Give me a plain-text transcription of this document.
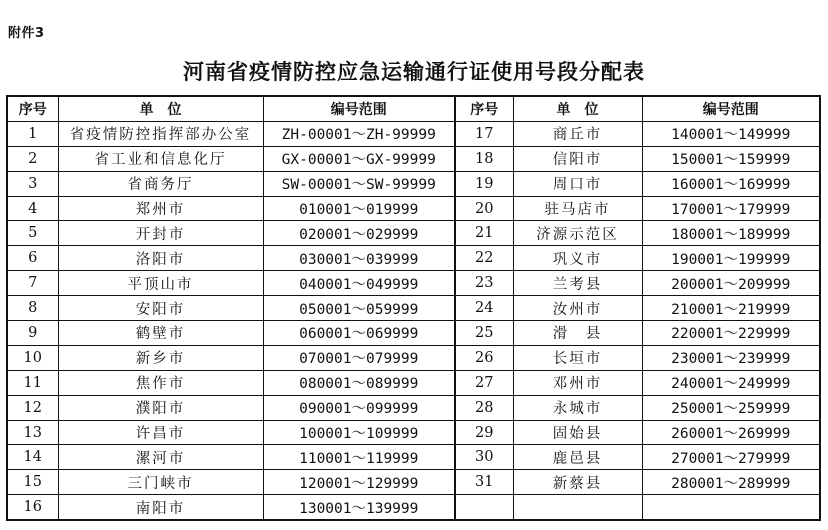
附件3
河南省疫情防控应急运输通行证使用号段分配表
序号	单　位	编号范围	序号	单　位	编号范围
1	省疫情防控指挥部办公室	ZH-00001～ZH-99999	17	商丘市	140001～149999
2	省工业和信息化厅	GX-00001～GX-99999	18	信阳市	150001～159999
3	省商务厅	SW-00001～SW-99999	19	周口市	160001～169999
4	郑州市	010001～019999	20	驻马店市	170001～179999
5	开封市	020001～029999	21	济源示范区	180001～189999
6	洛阳市	030001～039999	22	巩义市	190001～199999
7	平顶山市	040001～049999	23	兰考县	200001～209999
8	安阳市	050001～059999	24	汝州市	210001～219999
9	鹤壁市	060001～069999	25	滑　县	220001～229999
10	新乡市	070001～079999	26	长垣市	230001～239999
11	焦作市	080001～089999	27	邓州市	240001～249999
12	濮阳市	090001～099999	28	永城市	250001～259999
13	许昌市	100001～109999	29	固始县	260001～269999
14	漯河市	110001～119999	30	鹿邑县	270001～279999
15	三门峡市	120001～129999	31	新蔡县	280001～289999
16	南阳市	130001～139999			
